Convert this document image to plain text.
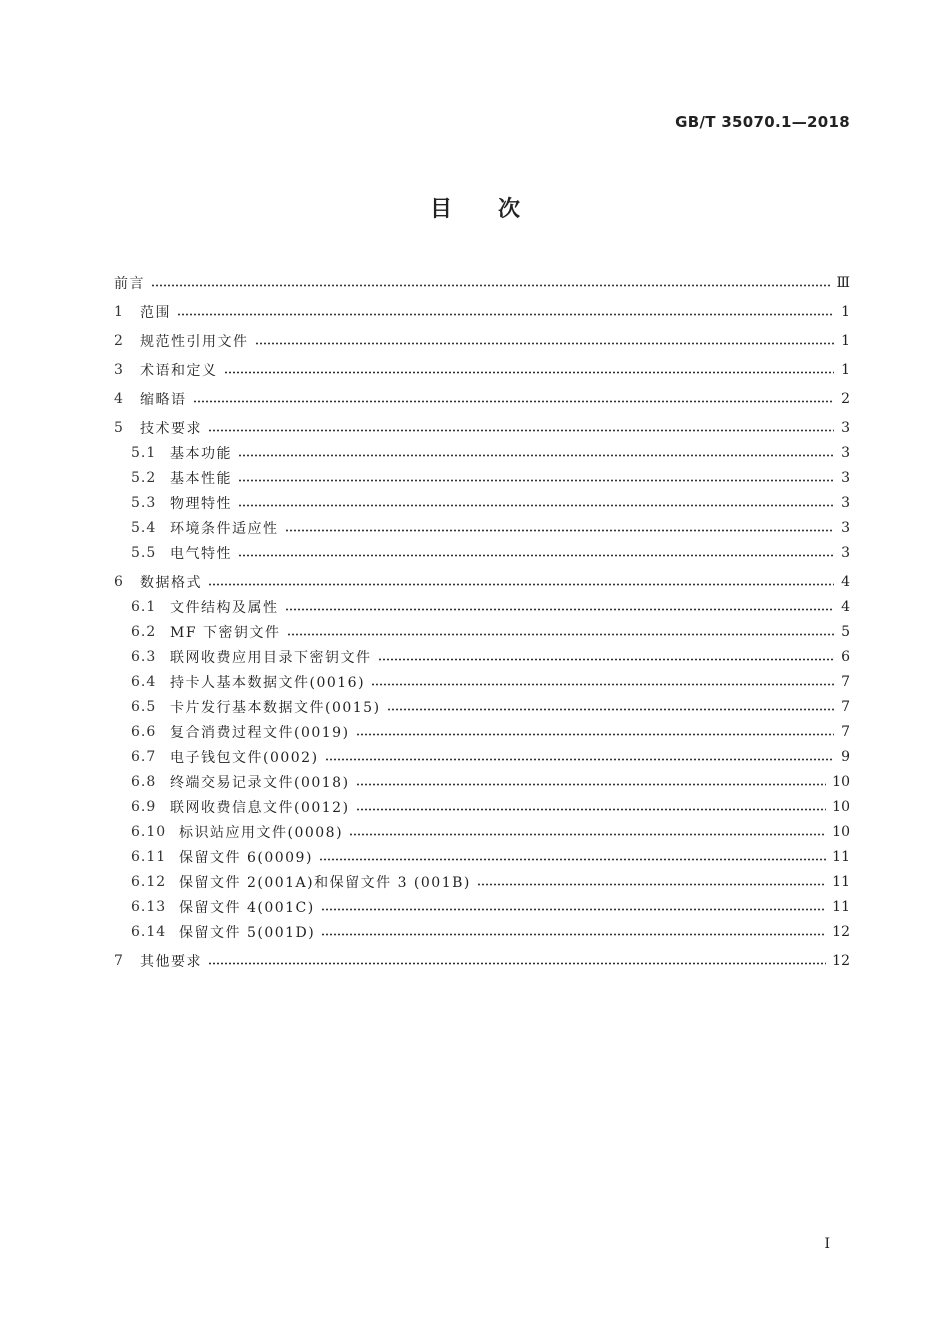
GB/T 35070.1—2018
目次
前言	Ⅲ
1	范围	1
2	规范性引用文件	1
3	术语和定义	1
4	缩略语	2
5	技术要求	3
5.1 基本功能	3
5.2 基本性能	3
5.3 物理特性	3
5.4 环境条件适应性	3
5.5 电气特性	3
6	数据格式	4
6.1 文件结构及属性	4
6.2 MF 下密钥文件	5
6.3 联网收费应用目录下密钥文件	6
6.4 持卡人基本数据文件(0016)	7
6.5 卡片发行基本数据文件(0015)	7
6.6 复合消费过程文件(0019)	7
6.7 电子钱包文件(0002)	9
6.8 终端交易记录文件(0018)	10
6.9 联网收费信息文件(0012)	10
6.10 标识站应用文件(0008)	10
6.11 保留文件 6(0009)	11
6.12 保留文件 2(001A)和保留文件 3 (001B)	11
6.13 保留文件 4(001C)	11
6.14 保留文件 5(001D)	12
7	其他要求	12
I
